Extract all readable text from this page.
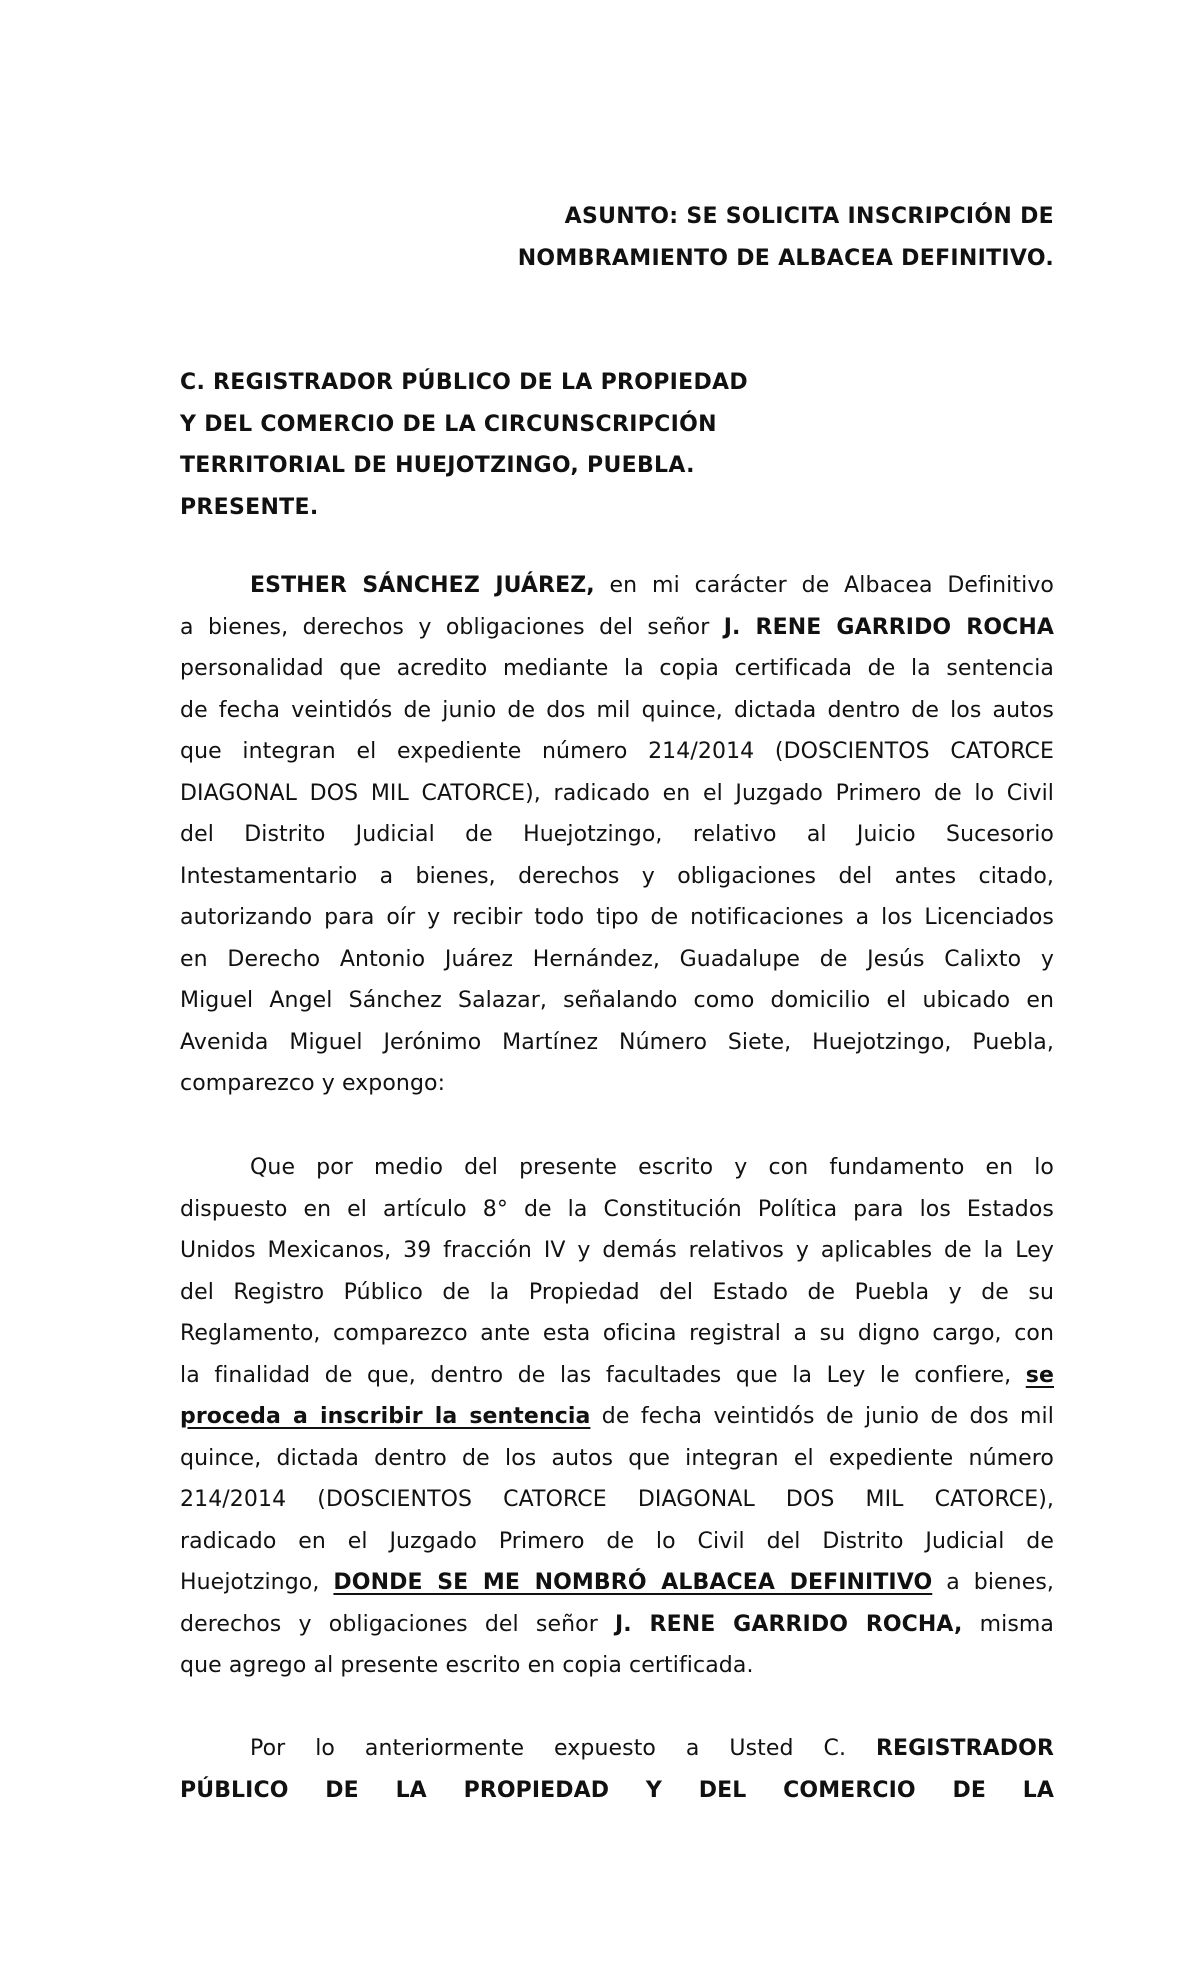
ASUNTO: SE SOLICITA INSCRIPCIÓN DE
NOMBRAMIENTO DE ALBACEA DEFINITIVO.
C. REGISTRADOR PÚBLICO DE LA PROPIEDAD
Y DEL COMERCIO DE LA CIRCUNSCRIPCIÓN
TERRITORIAL DE HUEJOTZINGO, PUEBLA.
PRESENTE.
ESTHER SÁNCHEZ JUÁREZ, en mi carácter de Albacea Definitivo
a bienes, derechos y obligaciones del señor J. RENE GARRIDO ROCHA
personalidad que acredito mediante la copia certificada de la sentencia
de fecha veintidós de junio de dos mil quince, dictada dentro de los autos
que integran el expediente número 214/2014 (DOSCIENTOS CATORCE
DIAGONAL DOS MIL CATORCE), radicado en el Juzgado Primero de lo Civil
del Distrito Judicial de Huejotzingo, relativo al Juicio Sucesorio
Intestamentario a bienes, derechos y obligaciones del antes citado,
autorizando para oír y recibir todo tipo de notificaciones a los Licenciados
en Derecho Antonio Juárez Hernández, Guadalupe de Jesús Calixto y
Miguel Angel Sánchez Salazar, señalando como domicilio el ubicado en
Avenida Miguel Jerónimo Martínez Número Siete, Huejotzingo, Puebla,
comparezco y expongo:
Que por medio del presente escrito y con fundamento en lo
dispuesto en el artículo 8° de la Constitución Política para los Estados
Unidos Mexicanos, 39 fracción IV y demás relativos y aplicables de la Ley
del Registro Público de la Propiedad del Estado de Puebla y de su
Reglamento, comparezco ante esta oficina registral a su digno cargo, con
la finalidad de que, dentro de las facultades que la Ley le confiere, se
proceda a inscribir la sentencia de fecha veintidós de junio de dos mil
quince, dictada dentro de los autos que integran el expediente número
214/2014 (DOSCIENTOS CATORCE DIAGONAL DOS MIL CATORCE),
radicado en el Juzgado Primero de lo Civil del Distrito Judicial de
Huejotzingo, DONDE SE ME NOMBRÓ ALBACEA DEFINITIVO a bienes,
derechos y obligaciones del señor J. RENE GARRIDO ROCHA, misma
que agrego al presente escrito en copia certificada.
Por lo anteriormente expuesto a Usted C. REGISTRADOR
PÚBLICO DE LA PROPIEDAD Y DEL COMERCIO DE LA
